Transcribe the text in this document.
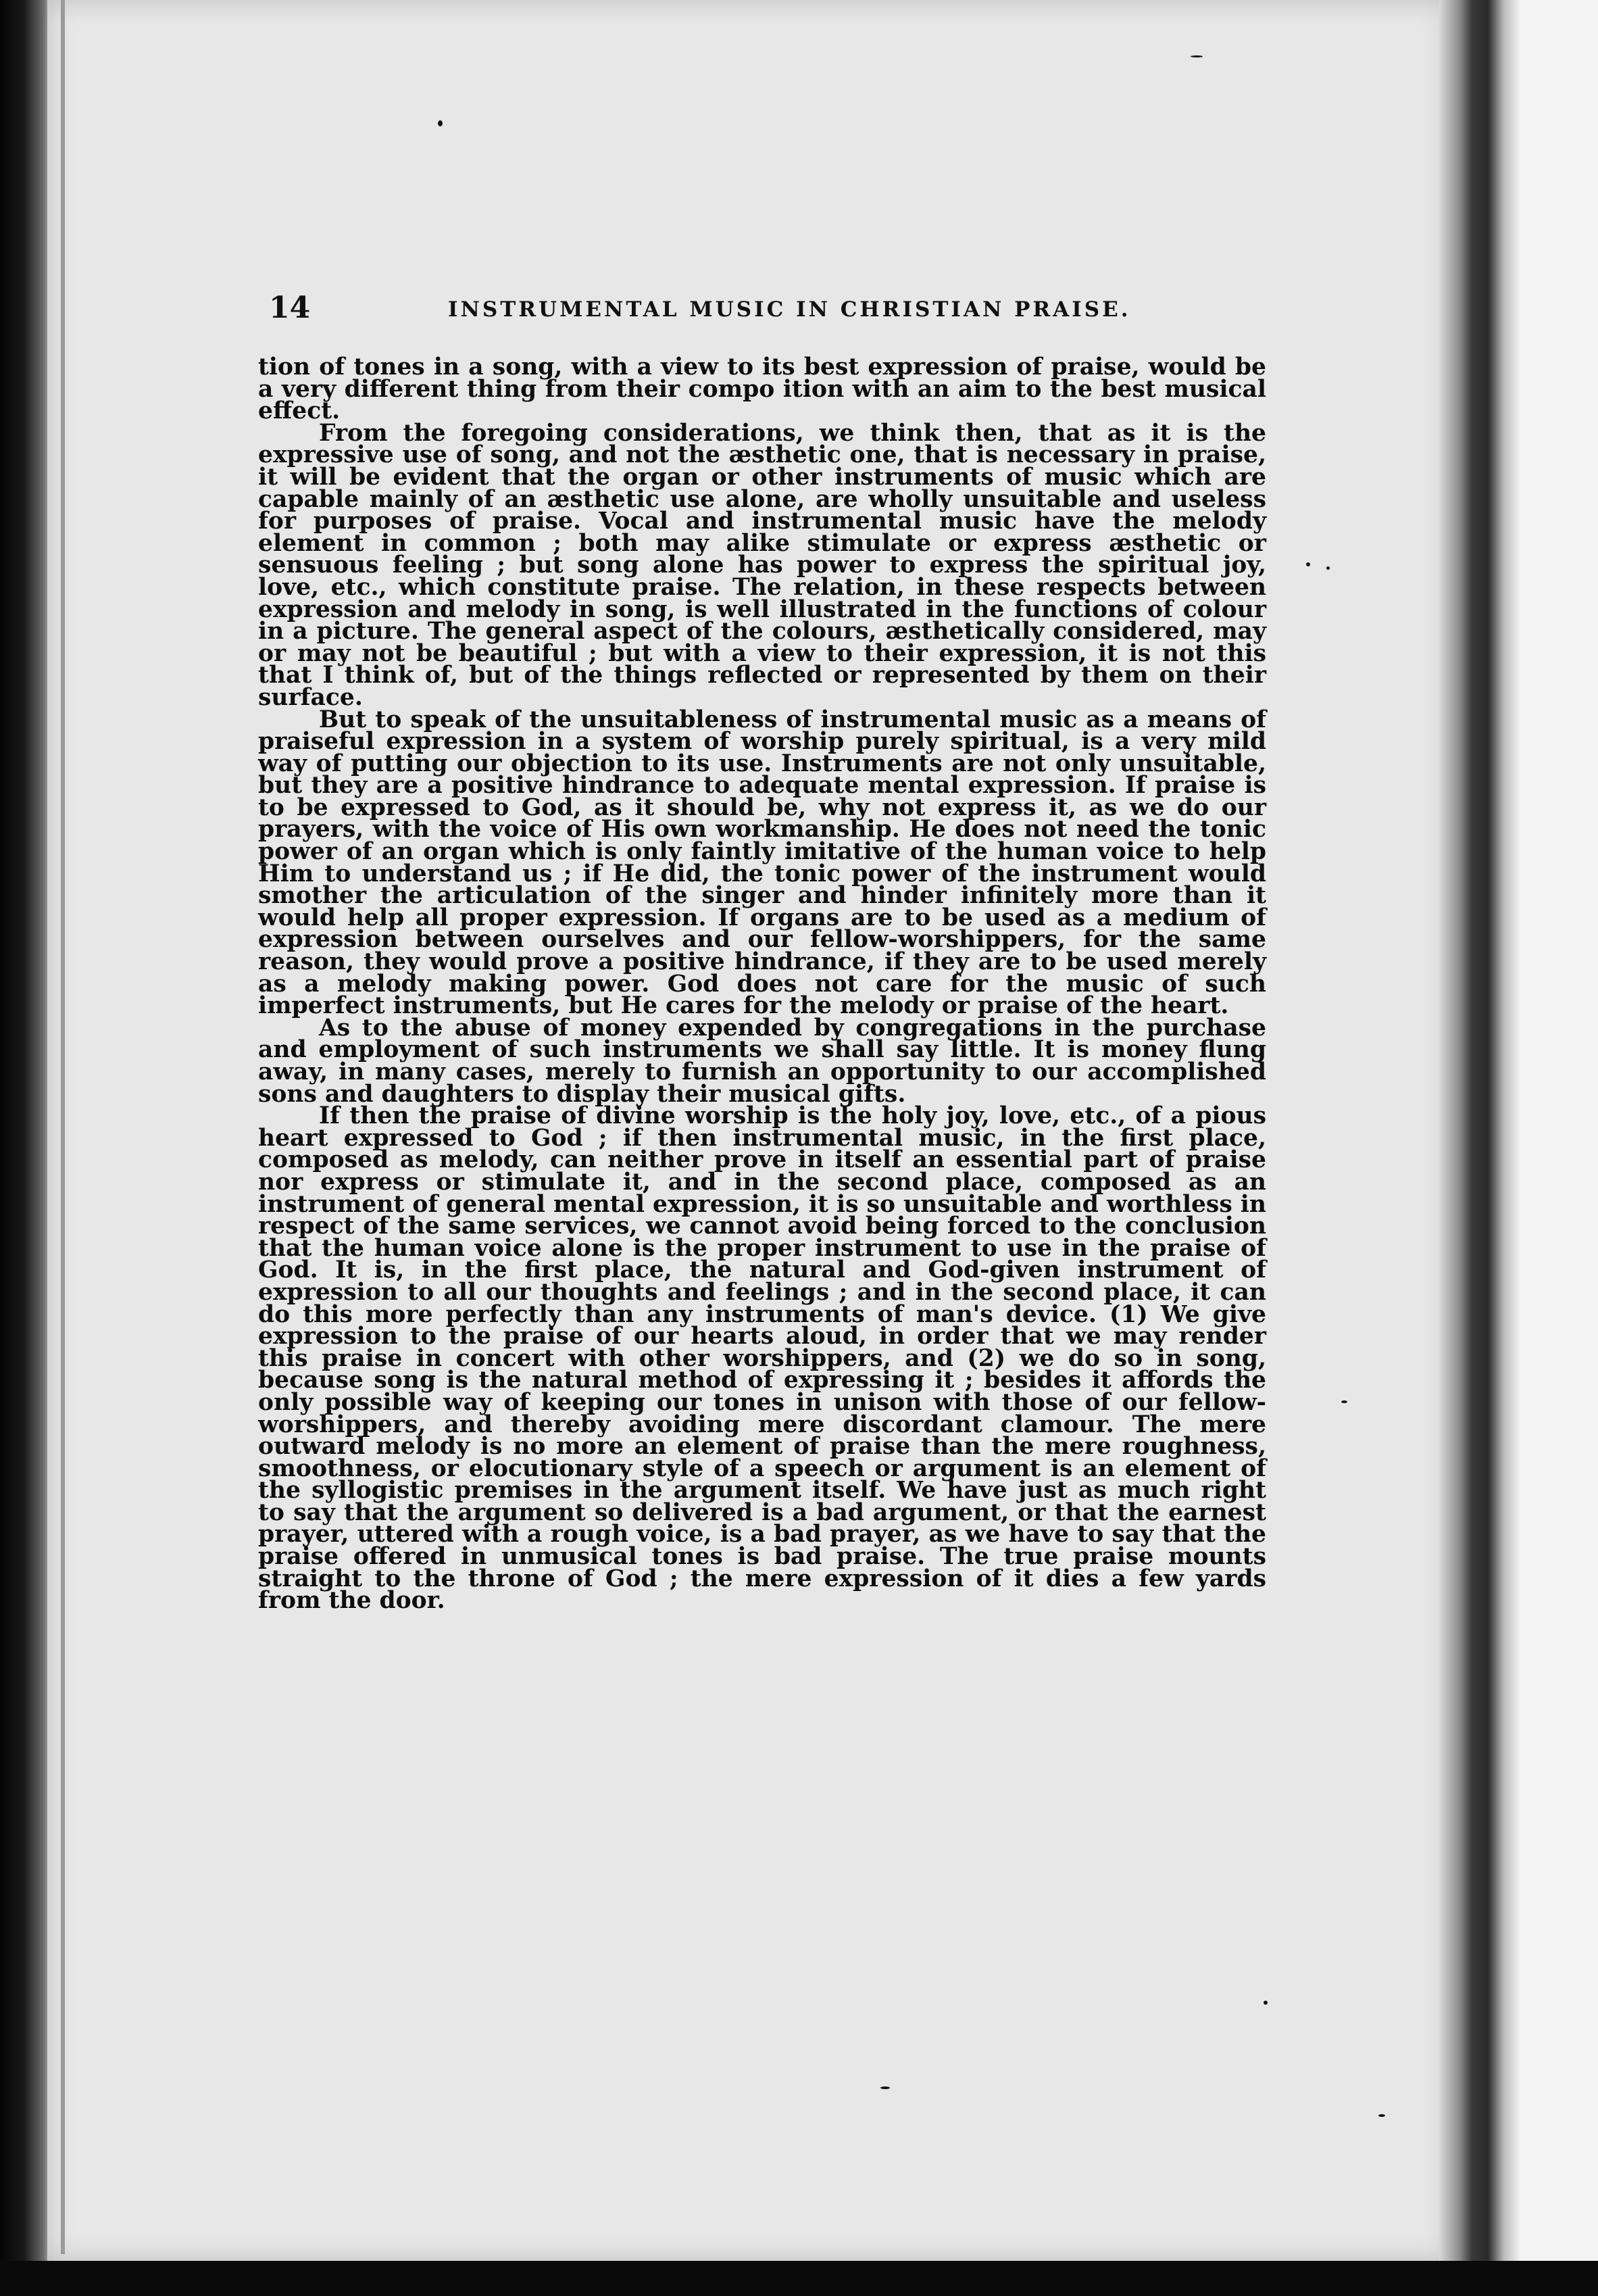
14	INSTRUMENTAL MUSIC IN CHRISTIAN PRAISE.

tion of tones in a song, with a view to its best expression of praise, would be a very different thing from their compo ition with an aim to the best musical effect.

From the foregoing considerations, we think then, that as it is the expressive use of song, and not the æsthetic one, that is necessary in praise, it will be evident that the organ or other instruments of music which are capable mainly of an æsthetic use alone, are wholly unsuitable and useless for purposes of praise. Vocal and instrumental music have the melody element in common ; both may alike stimulate or express æsthetic or sensuous feeling ; but song alone has power to express the spiritual joy, love, etc., which constitute praise. The relation, in these respects between expression and melody in song, is well illustrated in the functions of colour in a picture. The general aspect of the colours, æsthetically considered, may or may not be beautiful ; but with a view to their expression, it is not this that I think of, but of the things reflected or represented by them on their surface.

But to speak of the unsuitableness of instrumental music as a means of praiseful expression in a system of worship purely spiritual, is a very mild way of putting our objection to its use. Instruments are not only unsuitable, but they are a positive hindrance to adequate mental expression. If praise is to be expressed to God, as it should be, why not express it, as we do our prayers, with the voice of His own workmanship. He does not need the tonic power of an organ which is only faintly imitative of the human voice to help Him to understand us ; if He did, the tonic power of the instrument would smother the articulation of the singer and hinder infinitely more than it would help all proper expression. If organs are to be used as a medium of expression between ourselves and our fellow-worshippers, for the same reason, they would prove a positive hindrance, if they are to be used merely as a melody making power. God does not care for the music of such imperfect instruments, but He cares for the melody or praise of the heart.

As to the abuse of money expended by congregations in the purchase and employment of such instruments we shall say little. It is money flung away, in many cases, merely to furnish an opportunity to our accomplished sons and daughters to display their musical gifts.

If then the praise of divine worship is the holy joy, love, etc., of a pious heart expressed to God ; if then instrumental music, in the first place, composed as melody, can neither prove in itself an essential part of praise nor express or stimulate it, and in the second place, composed as an instrument of general mental expression, it is so unsuitable and worthless in respect of the same services, we cannot avoid being forced to the conclusion that the human voice alone is the proper instrument to use in the praise of God. It is, in the first place, the natural and God-given instrument of expression to all our thoughts and feelings ; and in the second place, it can do this more perfectly than any instruments of man's device. (1) We give expression to the praise of our hearts aloud, in order that we may render this praise in concert with other worshippers, and (2) we do so in song, because song is the natural method of expressing it ; besides it affords the only possible way of keeping our tones in unison with those of our fellow-worshippers, and thereby avoiding mere discordant clamour. The mere outward melody is no more an element of praise than the mere roughness, smoothness, or elocutionary style of a speech or argument is an element of the syllogistic premises in the argument itself. We have just as much right to say that the argument so delivered is a bad argument, or that the earnest prayer, uttered with a rough voice, is a bad prayer, as we have to say that the praise offered in unmusical tones is bad praise. The true praise mounts straight to the throne of God ; the mere expression of it dies a few yards from the door.
